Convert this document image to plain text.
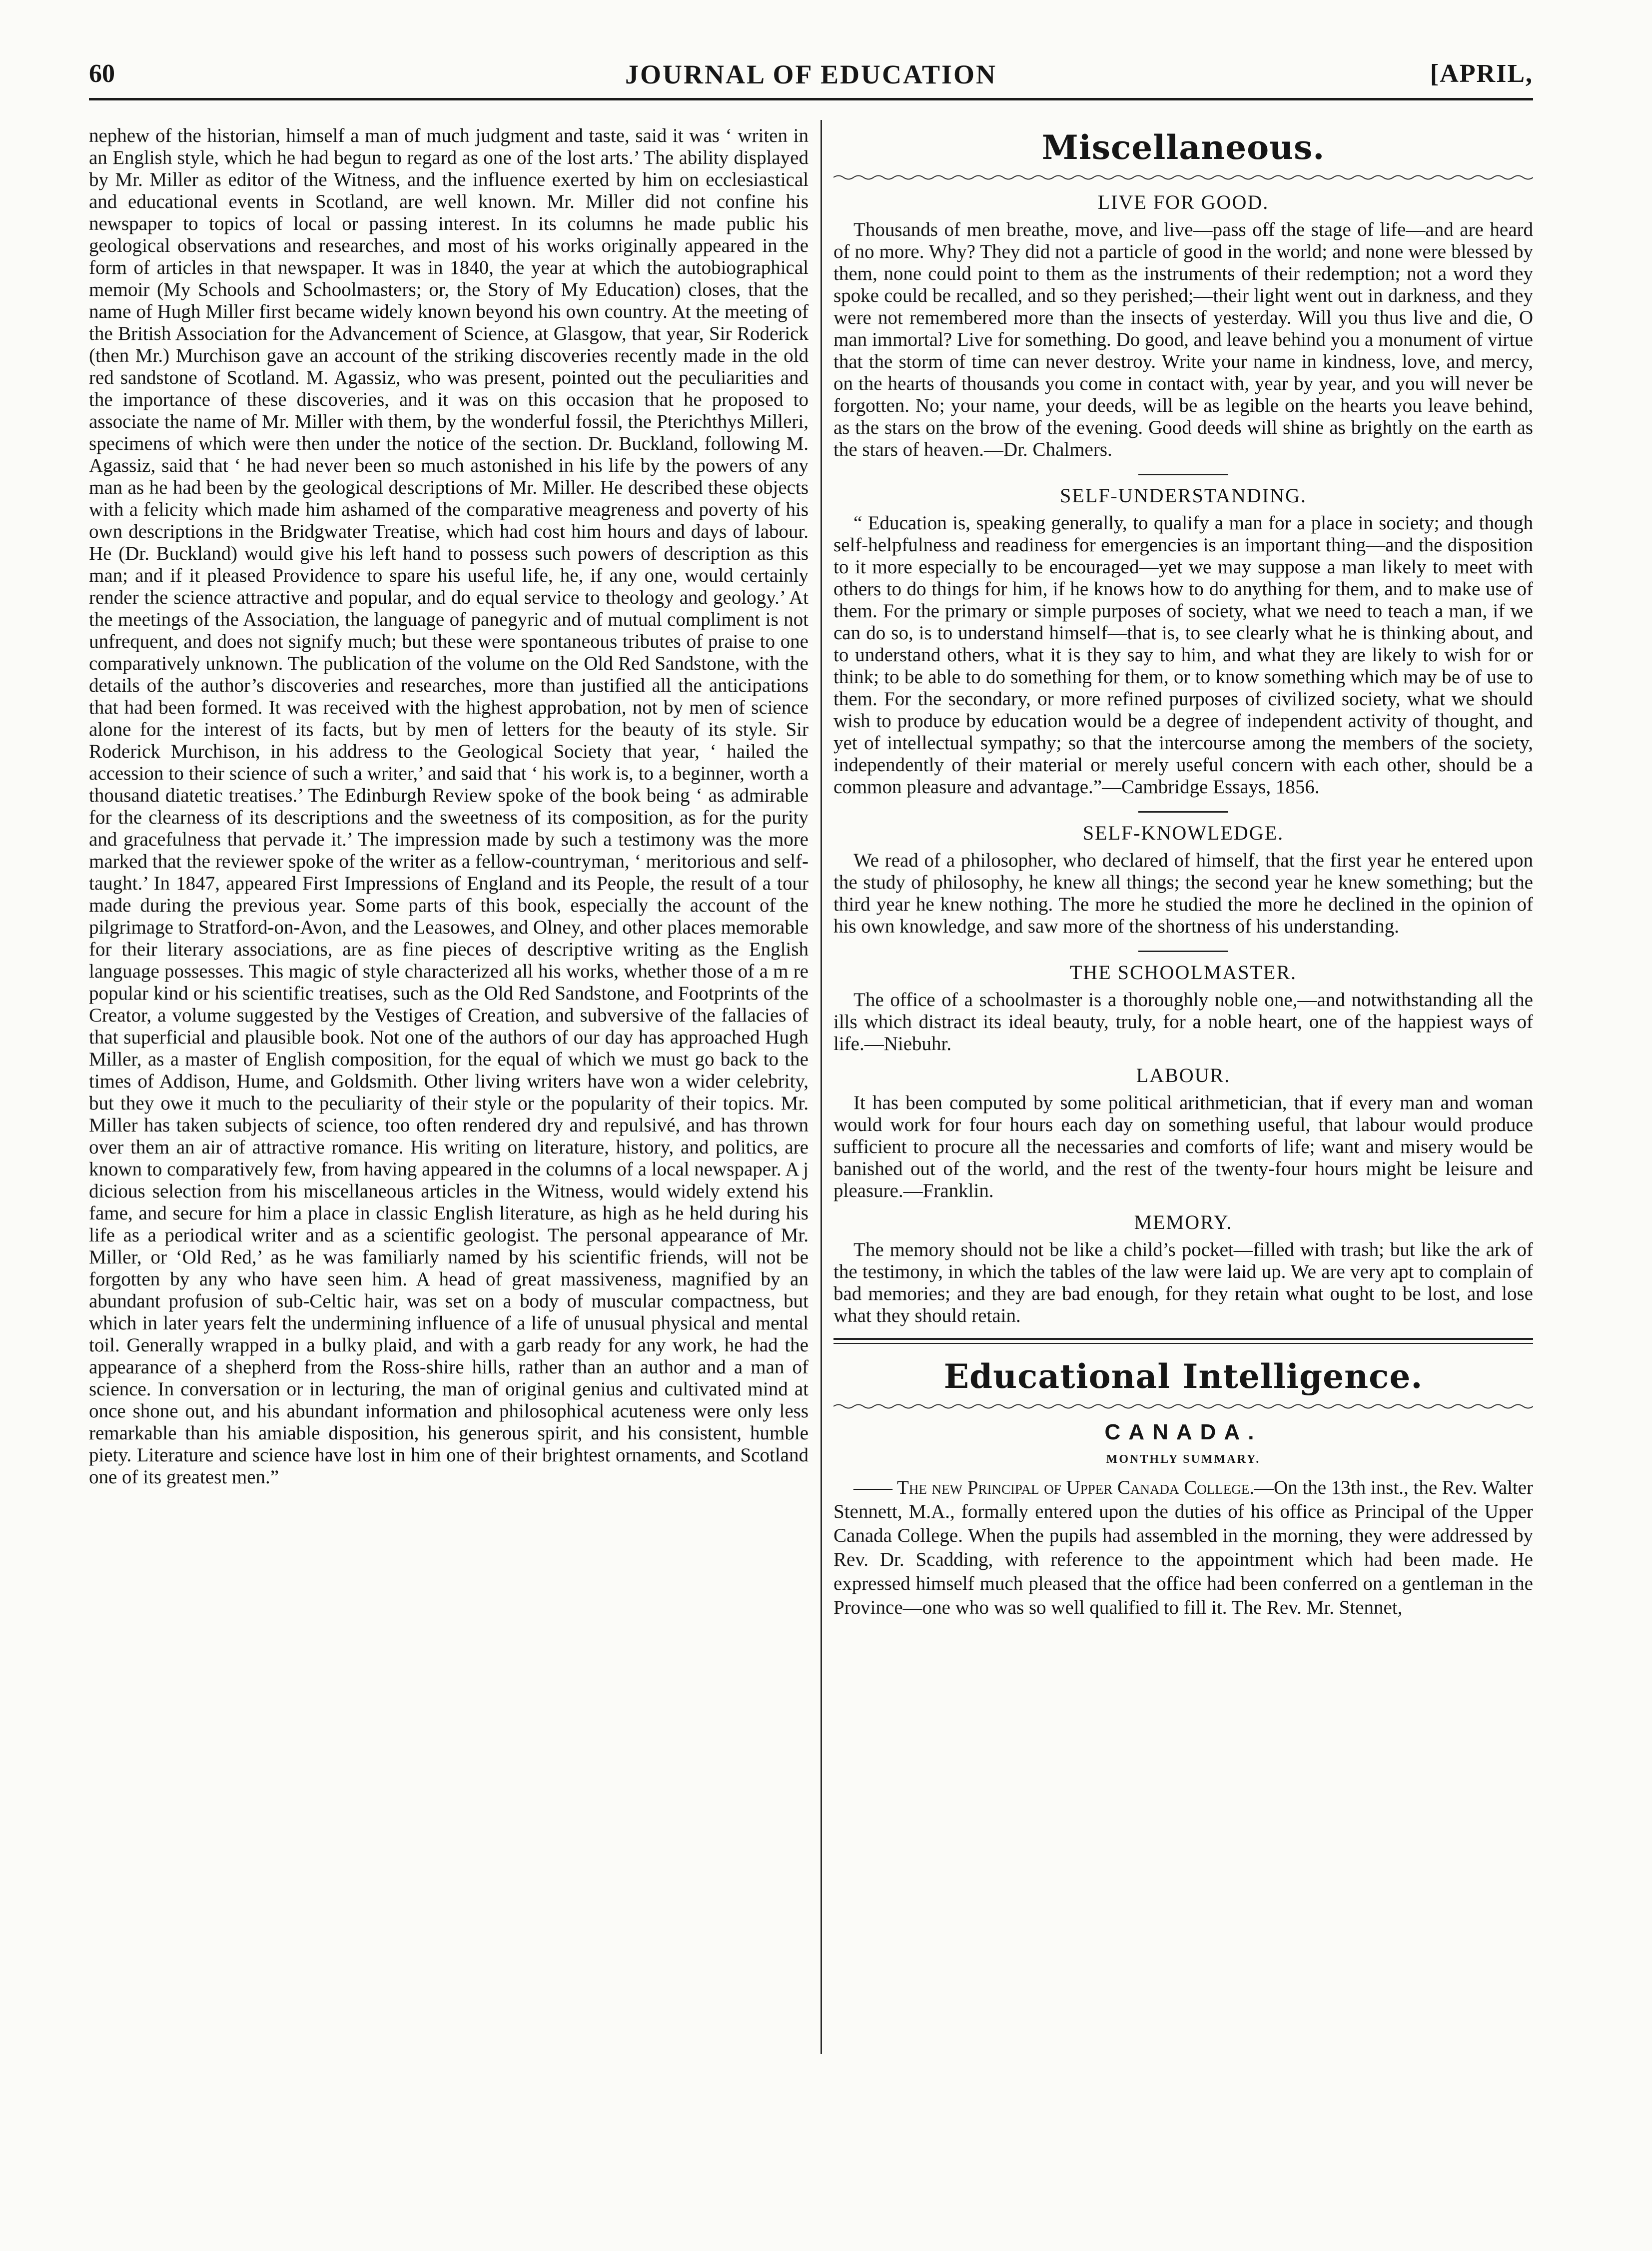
60	JOURNAL OF EDUCATION	[APRIL,

nephew of the historian, himself a man of much judgment and taste, said it was ‘ writen in an English style, which he had begun to regard as one of the lost arts.’ The ability displayed by Mr. Miller as editor of the Witness, and the influence exerted by him on ecclesiastical and educational events in Scotland, are well known. Mr. Miller did not confine his newspaper to topics of local or passing interest. In its columns he made public his geological observations and researches, and most of his works originally appeared in the form of articles in that newspaper. It was in 1840, the year at which the autobiographical memoir (My Schools and Schoolmasters; or, the Story of My Education) closes, that the name of Hugh Miller first became widely known beyond his own country. At the meeting of the British Association for the Advancement of Science, at Glasgow, that year, Sir Roderick (then Mr.) Murchison gave an account of the striking discoveries recently made in the old red sandstone of Scotland. M. Agassiz, who was present, pointed out the peculiarities and the importance of these discoveries, and it was on this occasion that he proposed to associate the name of Mr. Miller with them, by the wonderful fossil, the Pterichthys Milleri, specimens of which were then under the notice of the section. Dr. Buckland, following M. Agassiz, said that ‘ he had never been so much astonished in his life by the powers of any man as he had been by the geological descriptions of Mr. Miller. He described these objects with a felicity which made him ashamed of the comparative meagreness and poverty of his own descriptions in the Bridgwater Treatise, which had cost him hours and days of labour. He (Dr. Buckland) would give his left hand to possess such powers of description as this man; and if it pleased Providence to spare his useful life, he, if any one, would certainly render the science attractive and popular, and do equal service to theology and geology.’ At the meetings of the Association, the language of panegyric and of mutual compliment is not unfrequent, and does not signify much; but these were spontaneous tributes of praise to one comparatively unknown. The publication of the volume on the Old Red Sandstone, with the details of the author’s discoveries and researches, more than justified all the anticipations that had been formed. It was received with the highest approbation, not by men of science alone for the interest of its facts, but by men of letters for the beauty of its style. Sir Roderick Murchison, in his address to the Geological Society that year, ‘ hailed the accession to their science of such a writer,’ and said that ‘ his work is, to a beginner, worth a thousand diatetic treatises.’ The Edinburgh Review spoke of the book being ‘ as admirable for the clearness of its descriptions and the sweetness of its composition, as for the purity and gracefulness that pervade it.’ The impression made by such a testimony was the more marked that the reviewer spoke of the writer as a fellow-countryman, ‘ meritorious and self-taught.’ In 1847, appeared First Impressions of England and its People, the result of a tour made during the previous year. Some parts of this book, especially the account of the pilgrimage to Stratford-on-Avon, and the Leasowes, and Olney, and other places memorable for their literary associations, are as fine pieces of descriptive writing as the English language possesses. This magic of style characterized all his works, whether those of a m re popular kind or his scientific treatises, such as the Old Red Sandstone, and Footprints of the Creator, a volume suggested by the Vestiges of Creation, and subversive of the fallacies of that superficial and plausible book. Not one of the authors of our day has approached Hugh Miller, as a master of English composition, for the equal of which we must go back to the times of Addison, Hume, and Goldsmith. Other living writers have won a wider celebrity, but they owe it much to the peculiarity of their style or the popularity of their topics. Mr. Miller has taken subjects of science, too often rendered dry and repulsivé, and has thrown over them an air of attractive romance. His writing on literature, history, and politics, are known to comparatively few, from having appeared in the columns of a local newspaper. A j dicious selection from his miscellaneous articles in the Witness, would widely extend his fame, and secure for him a place in classic English literature, as high as he held during his life as a periodical writer and as a scientific geologist. The personal appearance of Mr. Miller, or ‘Old Red,’ as he was familiarly named by his scientific friends, will not be forgotten by any who have seen him. A head of great massiveness, magnified by an abundant profusion of sub-Celtic hair, was set on a body of muscular compactness, but which in later years felt the undermining influence of a life of unusual physical and mental toil. Generally wrapped in a bulky plaid, and with a garb ready for any work, he had the appearance of a shepherd from the Ross-shire hills, rather than an author and a man of science. In conversation or in lecturing, the man of original genius and cultivated mind at once shone out, and his abundant information and philosophical acuteness were only less remarkable than his amiable disposition, his generous spirit, and his consistent, humble piety. Literature and science have lost in him one of their brightest ornaments, and Scotland one of its greatest men.”

Miscellaneous.
LIVE FOR GOOD.

Thousands of men breathe, move, and live—pass off the stage of life—and are heard of no more. Why? They did not a particle of good in the world; and none were blessed by them, none could point to them as the instruments of their redemption; not a word they spoke could be recalled, and so they perished;—their light went out in darkness, and they were not remembered more than the insects of yesterday. Will you thus live and die, O man immortal? Live for something. Do good, and leave behind you a monument of virtue that the storm of time can never destroy. Write your name in kindness, love, and mercy, on the hearts of thousands you come in contact with, year by year, and you will never be forgotten. No; your name, your deeds, will be as legible on the hearts you leave behind, as the stars on the brow of the evening. Good deeds will shine as brightly on the earth as the stars of heaven.—Dr. Chalmers.

SELF-UNDERSTANDING.

“ Education is, speaking generally, to qualify a man for a place in society; and though self-helpfulness and readiness for emergencies is an important thing—and the disposition to it more especially to be encouraged—yet we may suppose a man likely to meet with others to do things for him, if he knows how to do anything for them, and to make use of them. For the primary or simple purposes of society, what we need to teach a man, if we can do so, is to understand himself—that is, to see clearly what he is thinking about, and to understand others, what it is they say to him, and what they are likely to wish for or think; to be able to do something for them, or to know something which may be of use to them. For the secondary, or more refined purposes of civilized society, what we should wish to produce by education would be a degree of independent activity of thought, and yet of intellectual sympathy; so that the intercourse among the members of the society, independently of their material or merely useful concern with each other, should be a common pleasure and advantage.”—Cambridge Essays, 1856.

SELF-KNOWLEDGE.

We read of a philosopher, who declared of himself, that the first year he entered upon the study of philosophy, he knew all things; the second year he knew something; but the third year he knew nothing. The more he studied the more he declined in the opinion of his own knowledge, and saw more of the shortness of his understanding.

THE SCHOOLMASTER.

The office of a schoolmaster is a thoroughly noble one,—and notwithstanding all the ills which distract its ideal beauty, truly, for a noble heart, one of the happiest ways of life.—Niebuhr.

LABOUR.

It has been computed by some political arithmetician, that if every man and woman would work for four hours each day on something useful, that labour would produce sufficient to procure all the necessaries and comforts of life; want and misery would be banished out of the world, and the rest of the twenty-four hours might be leisure and pleasure.—Franklin.

MEMORY.

The memory should not be like a child’s pocket—filled with trash; but like the ark of the testimony, in which the tables of the law were laid up. We are very apt to complain of bad memories; and they are bad enough, for they retain what ought to be lost, and lose what they should retain.

Educational Intelligence.
CANADA.
MONTHLY SUMMARY.

—— The new Principal of Upper Canada College.—On the 13th inst., the Rev. Walter Stennett, M.A., formally entered upon the duties of his office as Principal of the Upper Canada College. When the pupils had assembled in the morning, they were addressed by Rev. Dr. Scadding, with reference to the appointment which had been made. He expressed himself much pleased that the office had been conferred on a gentleman in the Province—one who was so well qualified to fill it. The Rev. Mr. Stennet,
